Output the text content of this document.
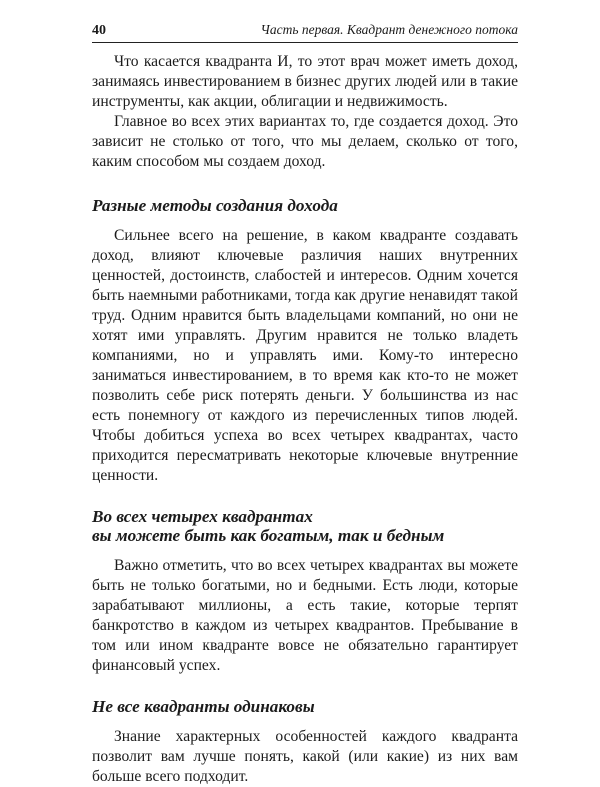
40	Часть первая. Квадрант денежного потока

Что касается квадранта И, то этот врач может иметь доход, занимаясь инвестированием в бизнес других людей или в такие инструменты, как акции, облигации и недвижимость.

Главное во всех этих вариантах то, где создается доход. Это зависит не столько от того, что мы делаем, сколько от того, каким способом мы создаем доход.

Разные методы создания дохода

Сильнее всего на решение, в каком квадранте создавать доход, влияют ключевые различия наших внутренних ценностей, достоинств, слабостей и интересов. Одним хочется быть наемными работниками, тогда как другие ненавидят такой труд. Одним нравится быть владельцами компаний, но они не хотят ими управлять. Другим нравится не только владеть компаниями, но и управлять ими. Кому-то интересно заниматься инвестированием, в то время как кто-то не может позволить себе риск потерять деньги. У большинства из нас есть понемногу от каждого из перечисленных типов людей. Чтобы добиться успеха во всех четырех квадрантах, часто приходится пересматривать некоторые ключевые внутренние ценности.

Во всех четырех квадрантах
вы можете быть как богатым, так и бедным

Важно отметить, что во всех четырех квадрантах вы можете быть не только богатыми, но и бедными. Есть люди, которые зарабатывают миллионы, а есть такие, которые терпят банкротство в каждом из четырех квадрантов. Пребывание в том или ином квадранте вовсе не обязательно гарантирует финансовый успех.

Не все квадранты одинаковы

Знание характерных особенностей каждого квадранта позволит вам лучше понять, какой (или какие) из них вам больше всего подходит.
